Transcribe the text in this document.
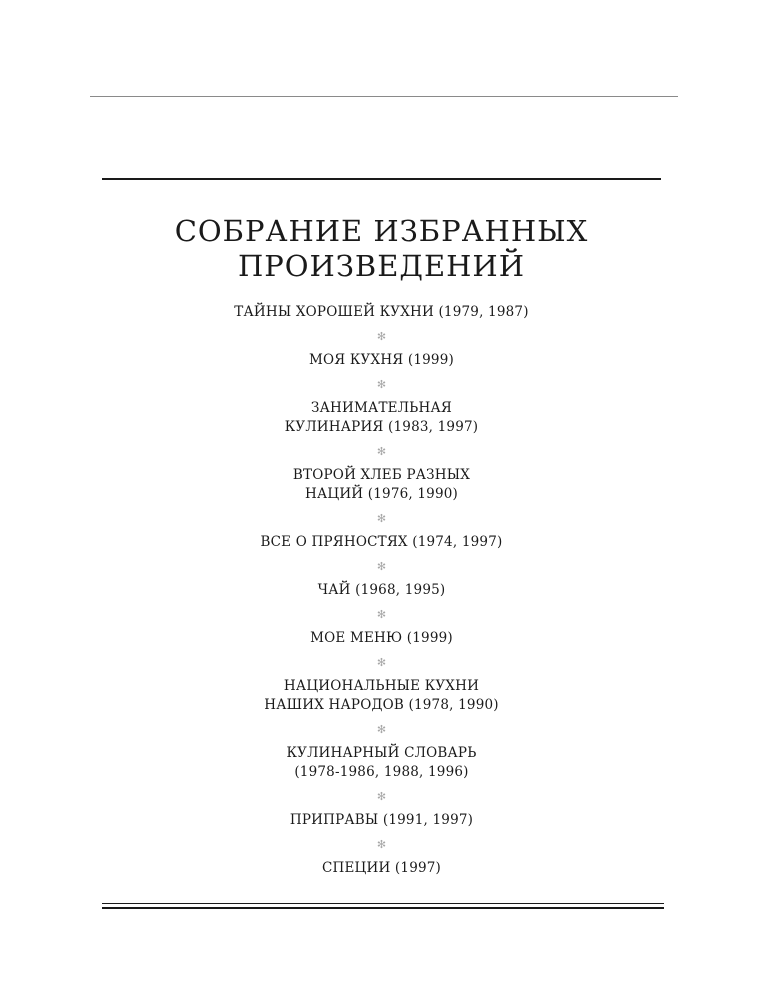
СОБРАНИЕ ИЗБРАННЫХ
ПРОИЗВЕДЕНИЙ
ТАЙНЫ ХОРОШЕЙ КУХНИ (1979, 1987)
✻
МОЯ КУХНЯ (1999)
✻
ЗАНИМАТЕЛЬНАЯ
КУЛИНАРИЯ (1983, 1997)
✻
ВТОРОЙ ХЛЕБ РАЗНЫХ
НАЦИЙ (1976, 1990)
✻
ВСЕ О ПРЯНОСТЯХ (1974, 1997)
✻
ЧАЙ (1968, 1995)
✻
МОЕ МЕНЮ (1999)
✻
НАЦИОНАЛЬНЫЕ КУХНИ
НАШИХ НАРОДОВ (1978, 1990)
✻
КУЛИНАРНЫЙ СЛОВАРЬ
(1978-1986, 1988, 1996)
✻
ПРИПРАВЫ (1991, 1997)
✻
СПЕЦИИ (1997)
